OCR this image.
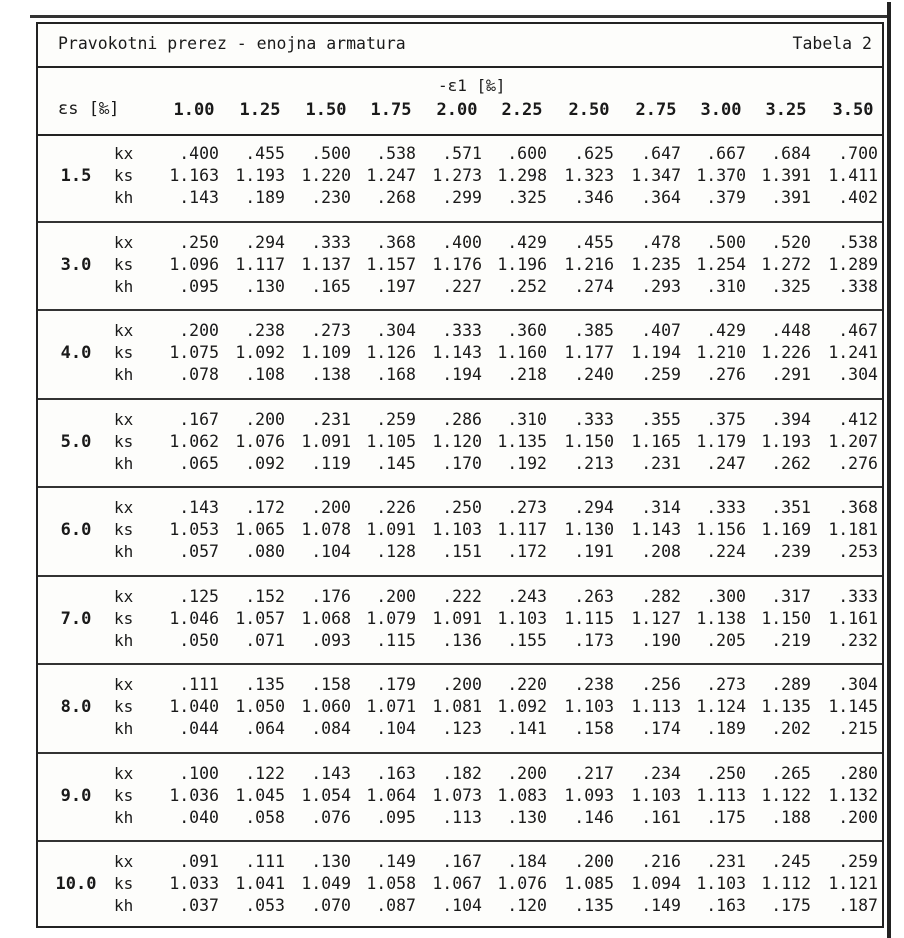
Pravokotni prerez - enojna armatura	Tabela 2
-ε1 [‰]
εs [‰]	1.00	1.25	1.50	1.75	2.00	2.25	2.50	2.75	3.00	3.25	3.50
1.5
kx	.400	.455	.500	.538	.571	.600	.625	.647	.667	.684	.700
ks	1.163 1.193 1.220 1.247 1.273 1.298	1.323	1.347 1.370 1.391	1.411
kh	.143	.189	.230	.268	.299	.325	.346	.364	.379	.391	.402
3.0
kx	.250	.294	.333	.368	.400	.429	.455	.478	.500	.520	.538
ks	1.096 1.117 1.137 1.157 1.176 1.196	1.216	1.235 1.254 1.272	1.289
kh	.095	.130	.165	.197	.227	.252	.274	.293	.310	.325	.338
4.0
kx	.200	.238	.273	.304	.333	.360	.385	.407	.429	.448	.467
ks	1.075 1.092 1.109 1.126 1.143 1.160	1.177	1.194 1.210 1.226	1.241
kh	.078	.108	.138	.168	.194	.218	.240	.259	.276	.291	.304
5.0
kx	.167	.200	.231	.259	.286	.310	.333	.355	.375	.394	.412
ks	1.062 1.076 1.091 1.105 1.120 1.135	1.150	1.165 1.179 1.193	1.207
kh	.065	.092	.119	.145	.170	.192	.213	.231	.247	.262	.276
6.0
kx	.143	.172	.200	.226	.250	.273	.294	.314	.333	.351	.368
ks	1.053 1.065 1.078 1.091 1.103 1.117	1.130	1.143 1.156 1.169	1.181
kh	.057	.080	.104	.128	.151	.172	.191	.208	.224	.239	.253
7.0
kx	.125	.152	.176	.200	.222	.243	.263	.282	.300	.317	.333
ks	1.046 1.057 1.068 1.079 1.091 1.103	1.115	1.127 1.138 1.150	1.161
kh	.050	.071	.093	.115	.136	.155	.173	.190	.205	.219	.232
8.0
kx	.111	.135	.158	.179	.200	.220	.238	.256	.273	.289	.304
ks	1.040 1.050 1.060 1.071 1.081 1.092	1.103	1.113 1.124 1.135	1.145
kh	.044	.064	.084	.104	.123	.141	.158	.174	.189	.202	.215
9.0
kx	.100	.122	.143	.163	.182	.200	.217	.234	.250	.265	.280
ks	1.036 1.045 1.054 1.064 1.073 1.083	1.093	1.103 1.113 1.122	1.132
kh	.040	.058	.076	.095	.113	.130	.146	.161	.175	.188	.200
10.0
kx	.091	.111	.130	.149	.167	.184	.200	.216	.231	.245	.259
ks	1.033 1.041 1.049 1.058 1.067 1.076	1.085	1.094 1.103 1.112	1.121
kh	.037	.053	.070	.087	.104	.120	.135	.149	.163	.175	.187
